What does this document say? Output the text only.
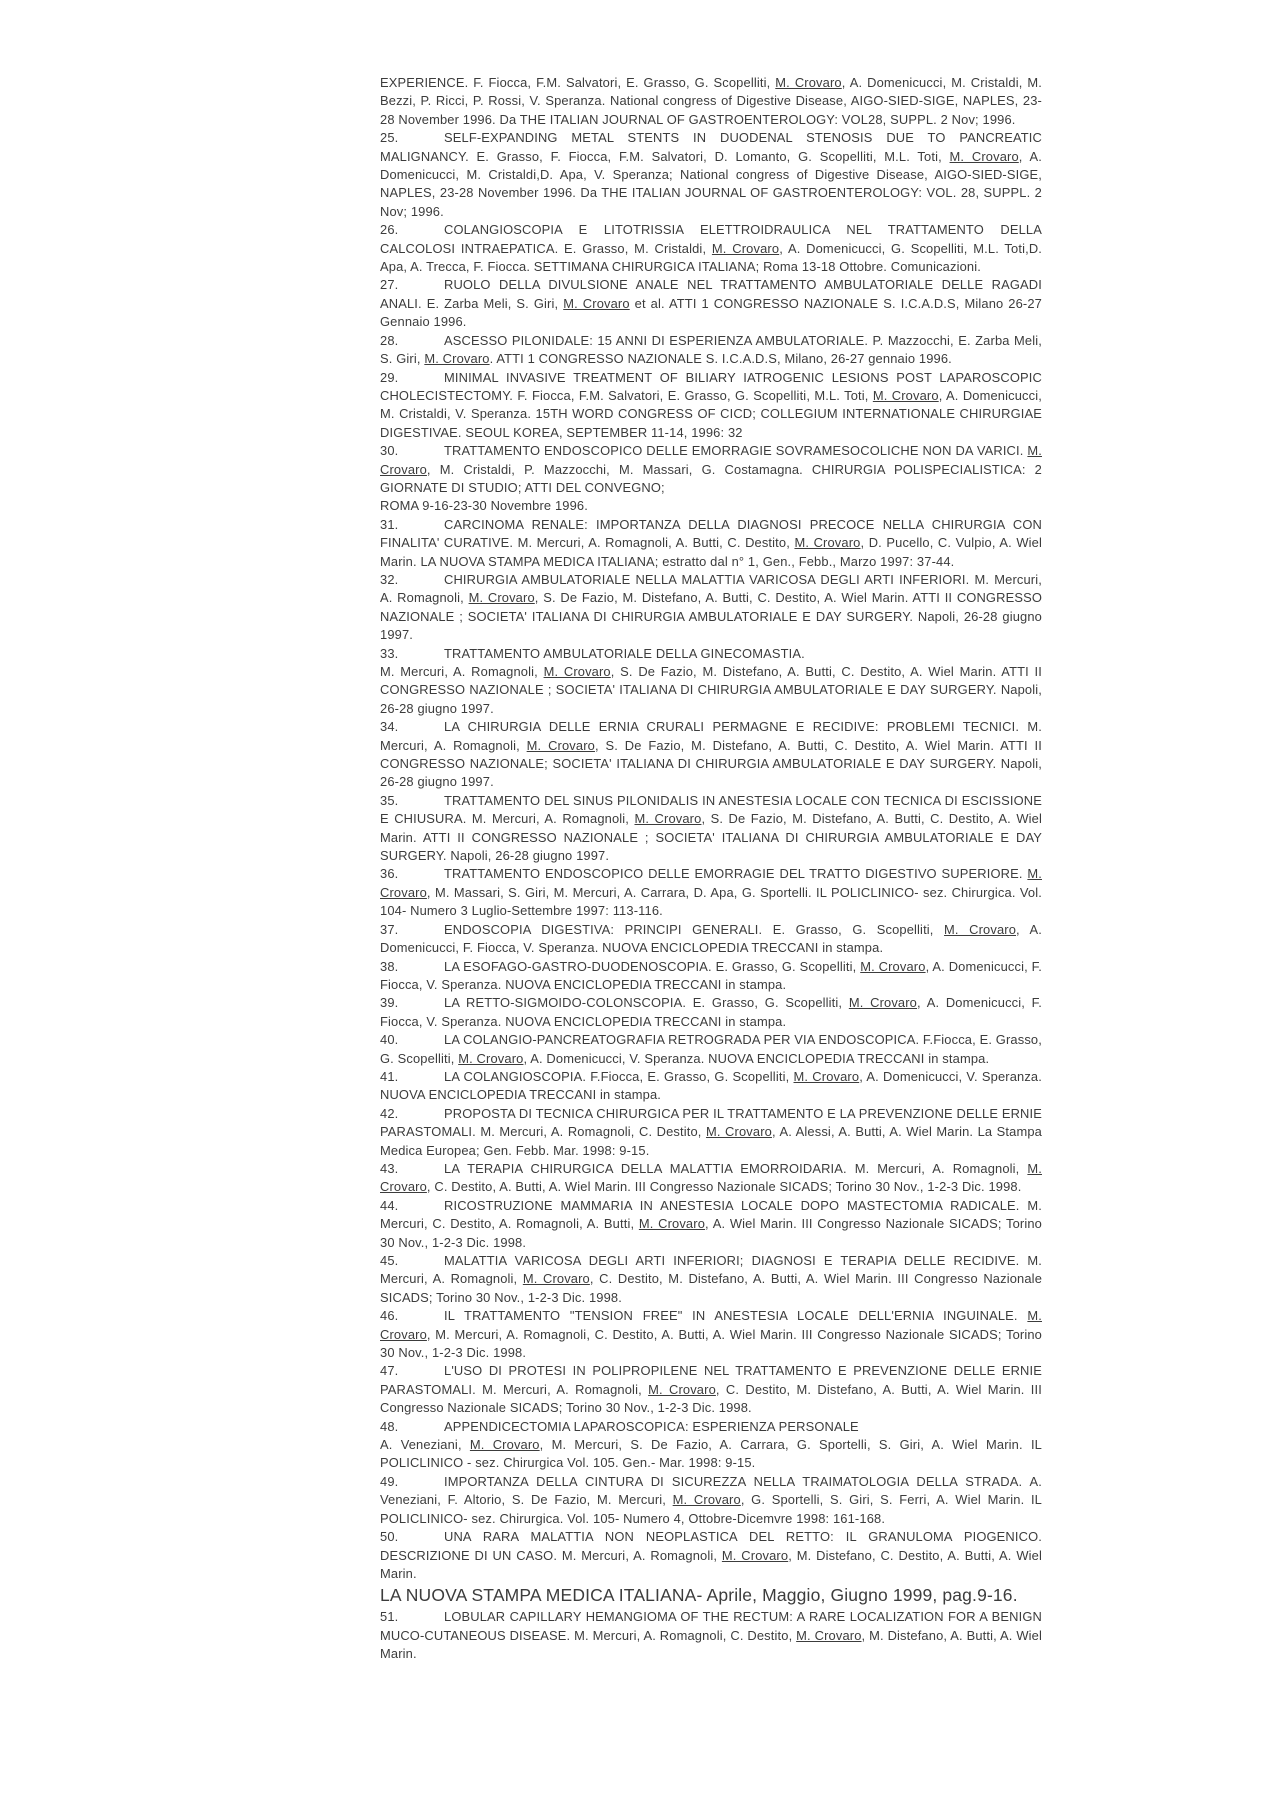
EXPERIENCE. F. Fiocca, F.M. Salvatori, E. Grasso, G. Scopelliti, M. Crovaro, A. Domenicucci, M. Cristaldi, M. Bezzi, P. Ricci, P. Rossi, V. Speranza. National congress of Digestive Disease, AIGO-SIED-SIGE, NAPLES, 23-28 November 1996. Da THE ITALIAN JOURNAL OF GASTROENTEROLOGY: VOL28, SUPPL. 2 Nov; 1996.

25.	SELF-EXPANDING METAL STENTS IN DUODENAL STENOSIS DUE TO PANCREATIC MALIGNANCY. E. Grasso, F. Fiocca, F.M. Salvatori, D. Lomanto, G. Scopelliti, M.L. Toti, M. Crovaro, A. Domenicucci, M. Cristaldi,D. Apa, V. Speranza; National congress of Digestive Disease, AIGO-SIED-SIGE, NAPLES, 23-28 November 1996. Da THE ITALIAN JOURNAL OF GASTROENTEROLOGY: VOL. 28, SUPPL. 2 Nov; 1996.

26.	COLANGIOSCOPIA E LITOTRISSIA ELETTROIDRAULICA NEL TRATTAMENTO DELLA CALCOLOSI INTRAEPATICA. E. Grasso, M. Cristaldi, M. Crovaro, A. Domenicucci, G. Scopelliti, M.L. Toti,D. Apa, A. Trecca, F. Fiocca. SETTIMANA CHIRURGICA ITALIANA; Roma 13-18 Ottobre. Comunicazioni.

27.	RUOLO DELLA DIVULSIONE ANALE NEL TRATTAMENTO AMBULATORIALE DELLE RAGADI ANALI. E. Zarba Meli, S. Giri, M. Crovaro et al. ATTI 1 CONGRESSO NAZIONALE S. I.C.A.D.S, Milano 26-27 Gennaio 1996.

28.	ASCESSO PILONIDALE: 15 ANNI DI ESPERIENZA AMBULATORIALE. P. Mazzocchi, E. Zarba Meli, S. Giri, M. Crovaro. ATTI 1 CONGRESSO NAZIONALE S. I.C.A.D.S, Milano, 26-27 gennaio 1996.

29.	MINIMAL INVASIVE TREATMENT OF BILIARY IATROGENIC LESIONS POST LAPAROSCOPIC CHOLECISTECTOMY. F. Fiocca, F.M. Salvatori, E. Grasso, G. Scopelliti, M.L. Toti, M. Crovaro, A. Domenicucci, M. Cristaldi, V. Speranza. 15TH WORD CONGRESS OF CICD; COLLEGIUM INTERNATIONALE CHIRURGIAE DIGESTIVAE. SEOUL KOREA, SEPTEMBER 11-14, 1996: 32

30.	TRATTAMENTO ENDOSCOPICO DELLE EMORRAGIE SOVRAMESOCOLICHE NON DA VARICI. M. Crovaro, M. Cristaldi, P. Mazzocchi, M. Massari, G. Costamagna. CHIRURGIA POLISPECIALISTICA: 2 GIORNATE DI STUDIO; ATTI DEL CONVEGNO;

ROMA 9-16-23-30 Novembre 1996.

31.	CARCINOMA RENALE: IMPORTANZA DELLA DIAGNOSI PRECOCE NELLA CHIRURGIA CON FINALITA' CURATIVE. M. Mercuri, A. Romagnoli, A. Butti, C. Destito, M. Crovaro, D. Pucello, C. Vulpio, A. Wiel Marin. LA NUOVA STAMPA MEDICA ITALIANA; estratto dal n° 1, Gen., Febb., Marzo 1997: 37-44.

32.	CHIRURGIA AMBULATORIALE NELLA MALATTIA VARICOSA DEGLI ARTI INFERIORI. M. Mercuri, A. Romagnoli, M. Crovaro, S. De Fazio, M. Distefano, A. Butti, C. Destito, A. Wiel Marin. ATTI II CONGRESSO NAZIONALE ; SOCIETA' ITALIANA DI CHIRURGIA AMBULATORIALE E DAY SURGERY. Napoli, 26-28 giugno 1997.

33.	TRATTAMENTO AMBULATORIALE DELLA GINECOMASTIA.

M. Mercuri, A. Romagnoli, M. Crovaro, S. De Fazio, M. Distefano, A. Butti, C. Destito, A. Wiel Marin. ATTI II CONGRESSO NAZIONALE ; SOCIETA' ITALIANA DI CHIRURGIA AMBULATORIALE E DAY SURGERY. Napoli, 26-28 giugno 1997.

34.	LA CHIRURGIA DELLE ERNIA CRURALI PERMAGNE E RECIDIVE: PROBLEMI TECNICI. M. Mercuri, A. Romagnoli, M. Crovaro, S. De Fazio, M. Distefano, A. Butti, C. Destito, A. Wiel Marin. ATTI II CONGRESSO NAZIONALE; SOCIETA' ITALIANA DI CHIRURGIA AMBULATORIALE E DAY SURGERY. Napoli, 26-28 giugno 1997.

35.	TRATTAMENTO DEL SINUS PILONIDALIS IN ANESTESIA LOCALE CON TECNICA DI ESCISSIONE E CHIUSURA. M. Mercuri, A. Romagnoli, M. Crovaro, S. De Fazio, M. Distefano, A. Butti, C. Destito, A. Wiel Marin. ATTI II CONGRESSO NAZIONALE ; SOCIETA' ITALIANA DI CHIRURGIA AMBULATORIALE E DAY SURGERY. Napoli, 26-28 giugno 1997.

36.	TRATTAMENTO ENDOSCOPICO DELLE EMORRAGIE DEL TRATTO DIGESTIVO SUPERIORE. M. Crovaro, M. Massari, S. Giri, M. Mercuri, A. Carrara, D. Apa, G. Sportelli. IL POLICLINICO- sez. Chirurgica. Vol. 104- Numero 3 Luglio-Settembre 1997: 113-116.

37.	ENDOSCOPIA DIGESTIVA: PRINCIPI GENERALI. E. Grasso, G. Scopelliti, M. Crovaro, A. Domenicucci, F. Fiocca, V. Speranza. NUOVA ENCICLOPEDIA TRECCANI in stampa.

38.	LA ESOFAGO-GASTRO-DUODENOSCOPIA. E. Grasso, G. Scopelliti, M. Crovaro, A. Domenicucci, F. Fiocca, V. Speranza. NUOVA ENCICLOPEDIA TRECCANI in stampa.

39.	LA RETTO-SIGMOIDO-COLONSCOPIA. E. Grasso, G. Scopelliti, M. Crovaro, A. Domenicucci, F. Fiocca, V. Speranza. NUOVA ENCICLOPEDIA TRECCANI in stampa.

40.	LA COLANGIO-PANCREATOGRAFIA RETROGRADA PER VIA ENDOSCOPICA. F.Fiocca, E. Grasso, G. Scopelliti, M. Crovaro, A. Domenicucci, V. Speranza. NUOVA ENCICLOPEDIA TRECCANI in stampa.

41.	LA COLANGIOSCOPIA. F.Fiocca, E. Grasso, G. Scopelliti, M. Crovaro, A. Domenicucci, V. Speranza. NUOVA ENCICLOPEDIA TRECCANI in stampa.

42.	PROPOSTA DI TECNICA CHIRURGICA PER IL TRATTAMENTO E LA PREVENZIONE DELLE ERNIE PARASTOMALI. M. Mercuri, A. Romagnoli, C. Destito, M. Crovaro, A. Alessi, A. Butti, A. Wiel Marin. La Stampa Medica Europea; Gen. Febb. Mar. 1998: 9-15.

43.	LA TERAPIA CHIRURGICA DELLA MALATTIA EMORROIDARIA. M. Mercuri, A. Romagnoli, M. Crovaro, C. Destito, A. Butti, A. Wiel Marin. III Congresso Nazionale SICADS; Torino 30 Nov., 1-2-3 Dic. 1998.

44.	RICOSTRUZIONE MAMMARIA IN ANESTESIA LOCALE DOPO MASTECTOMIA RADICALE. M. Mercuri, C. Destito, A. Romagnoli, A. Butti, M. Crovaro, A. Wiel Marin. III Congresso Nazionale SICADS; Torino 30 Nov., 1-2-3 Dic. 1998.

45.	MALATTIA VARICOSA DEGLI ARTI INFERIORI; DIAGNOSI E TERAPIA DELLE RECIDIVE. M. Mercuri, A. Romagnoli, M. Crovaro, C. Destito, M. Distefano, A. Butti, A. Wiel Marin. III Congresso Nazionale SICADS; Torino 30 Nov., 1-2-3 Dic. 1998.

46.	IL TRATTAMENTO "TENSION FREE" IN ANESTESIA LOCALE DELL'ERNIA INGUINALE. M. Crovaro, M. Mercuri, A. Romagnoli, C. Destito, A. Butti, A. Wiel Marin. III Congresso Nazionale SICADS; Torino 30 Nov., 1-2-3 Dic. 1998.

47.	L'USO DI PROTESI IN POLIPROPILENE NEL TRATTAMENTO E PREVENZIONE DELLE ERNIE PARASTOMALI. M. Mercuri, A. Romagnoli, M. Crovaro, C. Destito, M. Distefano, A. Butti, A. Wiel Marin. III Congresso Nazionale SICADS; Torino 30 Nov., 1-2-3 Dic. 1998.

48.	APPENDICECTOMIA LAPAROSCOPICA: ESPERIENZA PERSONALE

A. Veneziani, M. Crovaro, M. Mercuri, S. De Fazio, A. Carrara, G. Sportelli, S. Giri, A. Wiel Marin. IL POLICLINICO - sez. Chirurgica Vol. 105. Gen.- Mar. 1998: 9-15.

49.	IMPORTANZA DELLA CINTURA DI SICUREZZA NELLA TRAIMATOLOGIA DELLA STRADA. A. Veneziani, F. Altorio, S. De Fazio, M. Mercuri, M. Crovaro, G. Sportelli, S. Giri, S. Ferri, A. Wiel Marin. IL POLICLINICO- sez. Chirurgica. Vol. 105- Numero 4, Ottobre-Dicemvre 1998: 161-168.

50.	UNA RARA MALATTIA NON NEOPLASTICA DEL RETTO: IL GRANULOMA PIOGENICO. DESCRIZIONE DI UN CASO. M. Mercuri, A. Romagnoli, M. Crovaro, M. Distefano, C. Destito, A. Butti, A. Wiel Marin.

LA NUOVA STAMPA MEDICA ITALIANA- Aprile, Maggio, Giugno 1999, pag.9-16.

51.	LOBULAR CAPILLARY HEMANGIOMA OF THE RECTUM: A RARE LOCALIZATION FOR A BENIGN MUCO-CUTANEOUS DISEASE. M. Mercuri, A. Romagnoli, C. Destito, M. Crovaro, M. Distefano, A. Butti, A. Wiel Marin.
